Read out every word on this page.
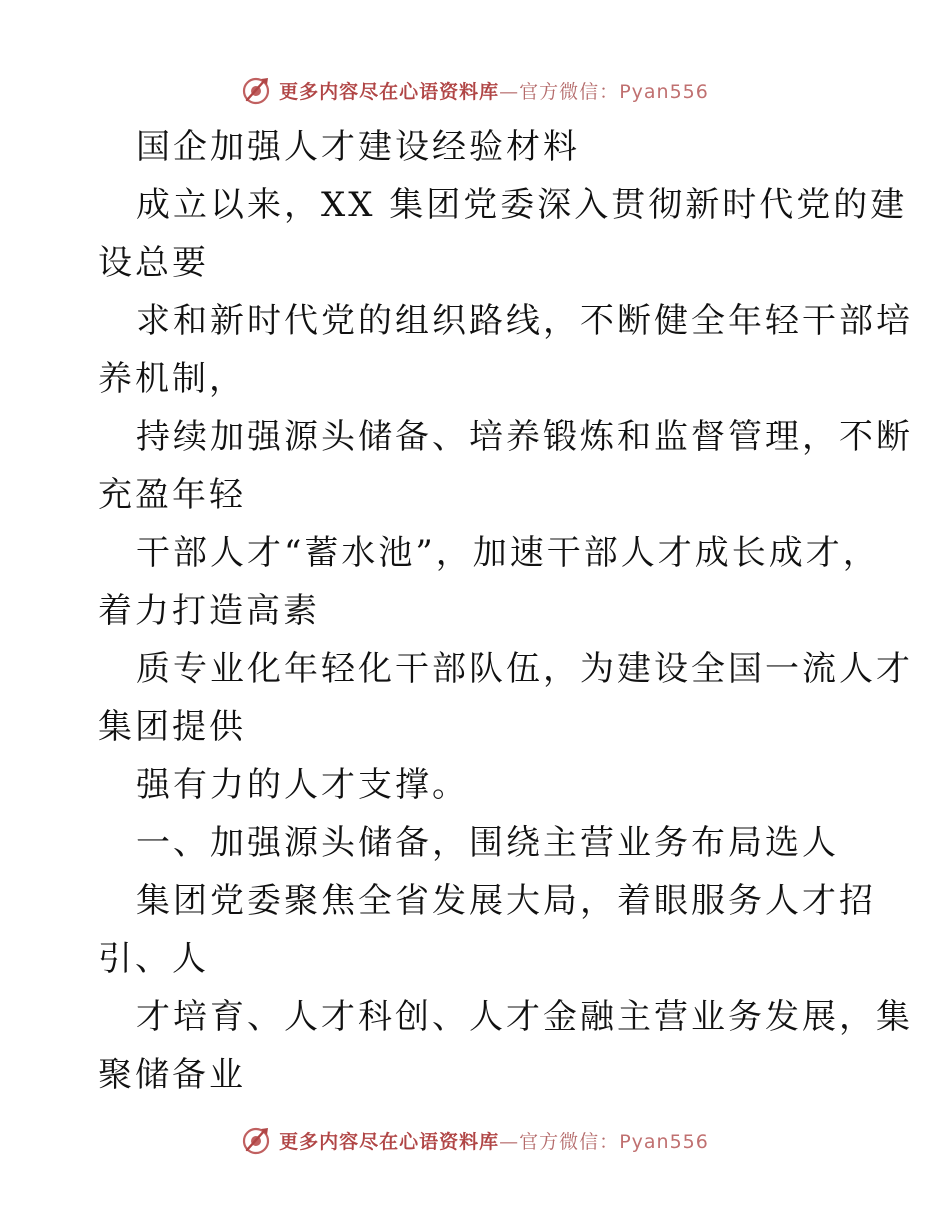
更多内容尽在心语资料库—官方微信：Pyan556
国企加强人才建设经验材料
成立以来，XX 集团党委深入贯彻新时代党的建
设总要
求和新时代党的组织路线，不断健全年轻干部培
养机制，
持续加强源头储备、培养锻炼和监督管理，不断
充盈年轻
干部人才“蓄水池”，加速干部人才成长成才，
着力打造高素
质专业化年轻化干部队伍，为建设全国一流人才
集团提供
强有力的人才支撑。
一、加强源头储备，围绕主营业务布局选人
集团党委聚焦全省发展大局，着眼服务人才招
引、人
才培育、人才科创、人才金融主营业务发展，集
聚储备业
更多内容尽在心语资料库—官方微信：Pyan556
